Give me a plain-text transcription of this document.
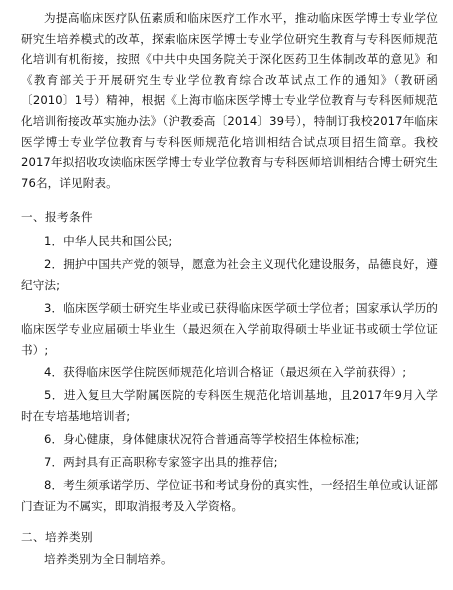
为提高临床医疗队伍素质和临床医疗工作水平，推动临床医学博士专业学位研究生培养模式的改革，探索临床医学博士专业学位研究生教育与专科医师规范化培训有机衔接，按照《中共中央国务院关于深化医药卫生体制改革的意见》和《教育部关于开展研究生专业学位教育综合改革试点工作的通知》（教研函〔2010〕1号）精神，根据《上海市临床医学博士专业学位教育与专科医师规范化培训衔接改革实施办法》（沪教委高〔2014〕39号），特制订我校2017年临床医学博士专业学位教育与专科医师规范化培训相结合试点项目招生简章。我校2017年拟招收攻读临床医学博士专业学位教育与专科医师培训相结合博士研究生76名，详见附表。

一、报考条件

1．中华人民共和国公民;

2．拥护中国共产党的领导，愿意为社会主义现代化建设服务，品德良好，遵纪守法;

3．临床医学硕士研究生毕业或已获得临床医学硕士学位者；国家承认学历的临床医学专业应届硕士毕业生（最迟须在入学前取得硕士毕业证书或硕士学位证书）;

4．获得临床医学住院医师规范化培训合格证（最迟须在入学前获得）;

5．进入复旦大学附属医院的专科医生规范化培训基地，且2017年9月入学时在专培基地培训者;

6．身心健康，身体健康状况符合普通高等学校招生体检标准;

7．两封具有正高职称专家签字出具的推荐信;

8．考生须承诺学历、学位证书和考试身份的真实性，一经招生单位或认证部门查证为不属实，即取消报考及入学资格。

二、培养类别

培养类别为全日制培养。
